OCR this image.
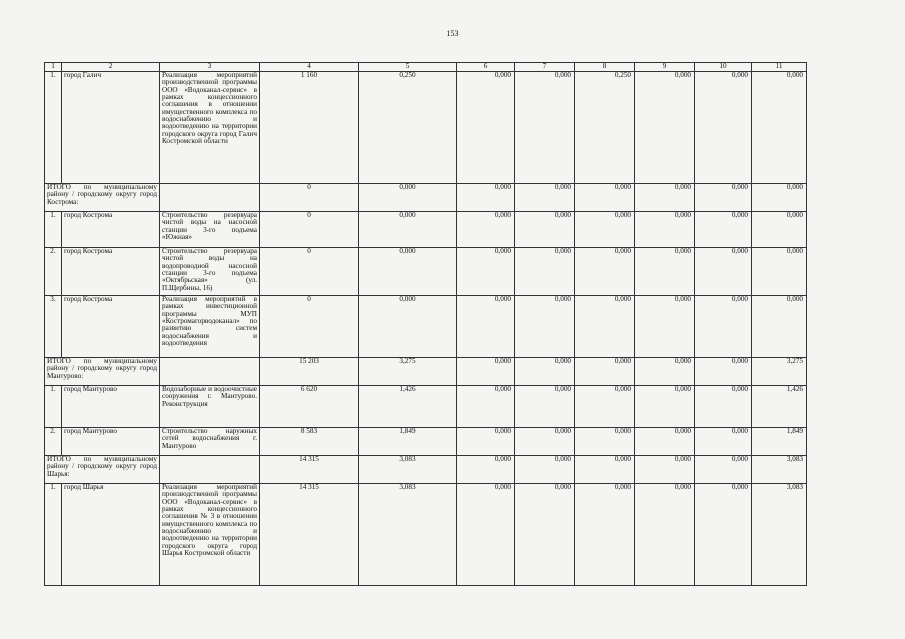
153
1	2	3	4	5	6	7	8	9	10	11
1.	город Галич	Реализация мероприятий производственной программы ООО «Водоканал-сервис» в рамках концессионного соглашения в отношении имущественного комплекса по водоснабжению и водоотведению на территории городского округа город Галич Костромской области	1 160	0,250	0,000	0,000	0,250	0,000	0,000	0,000
ИТОГО по муниципальному району / городскому округу город Кострома:			0	0,000	0,000	0,000	0,000	0,000	0,000	0,000
1.	город Кострома	Строительство резервуара чистой воды на насосной станции 3-го подъема «Южная»	0	0,000	0,000	0,000	0,000	0,000	0,000	0,000
2.	город Кострома	Строительство резервуара чистой воды на водопроводной насосной станции 3-го подъема «Октябрьская» (ул. П.Щербины, 16)	0	0,000	0,000	0,000	0,000	0,000	0,000	0,000
3.	город Кострома	Реализация мероприятий в рамках инвестиционной программы МУП «Костромагорводоканал» по развитию систем водоснабжения и водоотведения	0	0,000	0,000	0,000	0,000	0,000	0,000	0,000
ИТОГО по муниципальному району / городскому округу город Мантурово:			15 203	3,275	0,000	0,000	0,000	0,000	0,000	3,275
1.	город Мантурово	Водозаборные и водоочистные сооружения г. Мантурово. Реконструкция	6 620	1,426	0,000	0,000	0,000	0,000	0,000	1,426
2.	город Мантурово	Строительство наружных сетей водоснабжения г. Мантурово	8 583	1,849	0,000	0,000	0,000	0,000	0,000	1,849
ИТОГО по муниципальному району / городскому округу город Шарья:			14 315	3,083	0,000	0,000	0,000	0,000	0,000	3,083
1.	город Шарья	Реализация мероприятий производственной программы ООО «Водоканал-сервис» в рамках концессионного соглашения № 3 в отношении имущественного комплекса по водоснабжению и водоотведению на территории городского округа город Шарья Костромской области	14 315	3,083	0,000	0,000	0,000	0,000	0,000	3,083
